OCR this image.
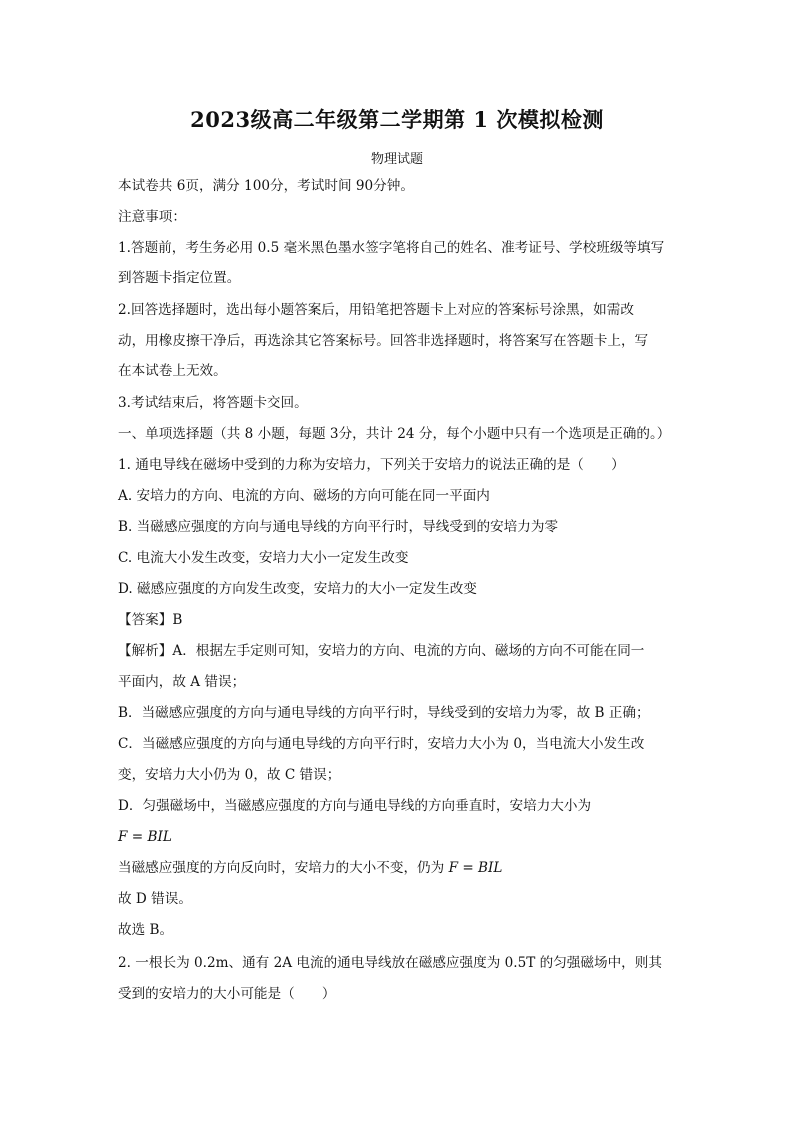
2023级高二年级第二学期第 1 次模拟检测
物理试题
本试卷共 6页，满分 100分，考试时间 90分钟。
注意事项：
1.答题前，考生务必用 0.5 毫米黑色墨水签字笔将自己的姓名、准考证号、学校班级等填写
到答题卡指定位置。
2.回答选择题时，选出每小题答案后，用铅笔把答题卡上对应的答案标号涂黑，如需改
动，用橡皮擦干净后，再选涂其它答案标号。回答非选择题时，将答案写在答题卡上，写
在本试卷上无效。
3.考试结束后，将答题卡交回。
一、单项选择题（共 8 小题，每题 3分，共计 24 分，每个小题中只有一个选项是正确的。）
1. 通电导线在磁场中受到的力称为安培力，下列关于安培力的说法正确的是（　　）
A. 安培力的方向、电流的方向、磁场的方向可能在同一平面内
B. 当磁感应强度的方向与通电导线的方向平行时，导线受到的安培力为零
C. 电流大小发生改变，安培力大小一定发生改变
D. 磁感应强度的方向发生改变，安培力的大小一定发生改变
【答案】B
【解析】A．根据左手定则可知，安培力的方向、电流的方向、磁场的方向不可能在同一
平面内，故 A 错误；
B．当磁感应强度的方向与通电导线的方向平行时，导线受到的安培力为零，故 B 正确；
C．当磁感应强度的方向与通电导线的方向平行时，安培力大小为 0，当电流大小发生改
变，安培力大小仍为 0，故 C 错误；
D．匀强磁场中，当磁感应强度的方向与通电导线的方向垂直时，安培力大小为
F = BIL
当磁感应强度的方向反向时，安培力的大小不变，仍为 F = BIL
故 D 错误。
故选 B。
2. 一根长为 0.2m、通有 2A 电流的通电导线放在磁感应强度为 0.5T 的匀强磁场中，则其
受到的安培力的大小可能是（　　）
